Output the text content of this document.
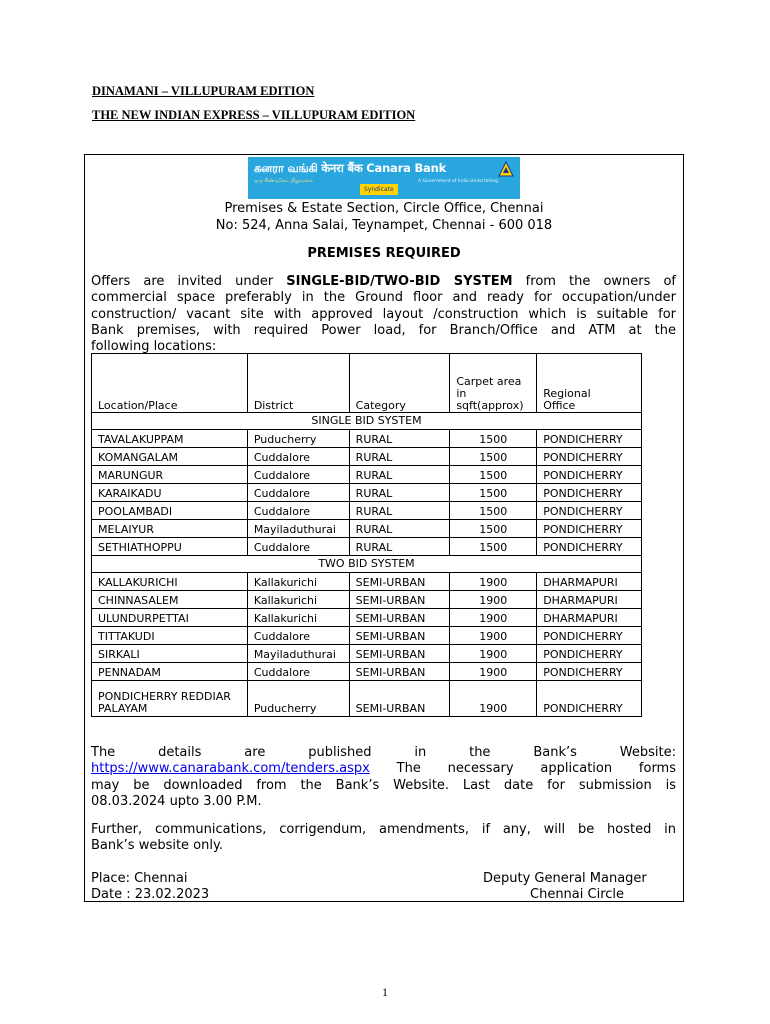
DINAMANI – VILLUPURAM EDITION
THE NEW INDIAN EXPRESS – VILLUPURAM EDITION
கனரா வங்கி केनरा बैंक Canara Bank
ஒரு சிண்டிகேட் நிறுவனம்
Syndicate
A Government of India Undertaking
Premises & Estate Section, Circle Office, Chennai
No: 524, Anna Salai, Teynampet, Chennai - 600 018
PREMISES REQUIRED
Offers are invited under SINGLE-BID/TWO-BID SYSTEM from the owners of
commercial space preferably in the Ground floor and ready for occupation/under
construction/ vacant site with approved layout /construction which is suitable for
Bank premises, with required Power load, for Branch/Office and ATM at the
following locations:
Location/Place	District	Category	Carpet area
in
sqft(approx)	Regional
Office
SINGLE BID SYSTEM				
TAVALAKUPPAM	Puducherry	RURAL	1500	PONDICHERRY
KOMANGALAM	Cuddalore	RURAL	1500	PONDICHERRY
MARUNGUR	Cuddalore	RURAL	1500	PONDICHERRY
KARAIKADU	Cuddalore	RURAL	1500	PONDICHERRY
POOLAMBADI	Cuddalore	RURAL	1500	PONDICHERRY
MELAIYUR	Mayiladuthurai	RURAL	1500	PONDICHERRY
SETHIATHOPPU	Cuddalore	RURAL	1500	PONDICHERRY
TWO BID SYSTEM				
KALLAKURICHI	Kallakurichi	SEMI-URBAN	1900	DHARMAPURI
CHINNASALEM	Kallakurichi	SEMI-URBAN	1900	DHARMAPURI
ULUNDURPETTAI	Kallakurichi	SEMI-URBAN	1900	DHARMAPURI
TITTAKUDI	Cuddalore	SEMI-URBAN	1900	PONDICHERRY
SIRKALI	Mayiladuthurai	SEMI-URBAN	1900	PONDICHERRY
PENNADAM	Cuddalore	SEMI-URBAN	1900	PONDICHERRY
PONDICHERRY REDDIAR
PALAYAM	Puducherry	SEMI-URBAN	1900	PONDICHERRY
The details are published in the Bank’s Website:
https://www.canarabank.com/tenders.aspx The necessary application forms
may be downloaded from the Bank’s Website. Last date for submission is
08.03.2024 upto 3.00 P.M.
Further, communications, corrigendum, amendments, if any, will be hosted in
Bank’s website only.
Place: Chennai
Date : 23.02.2023
Deputy General Manager
Chennai Circle
1
